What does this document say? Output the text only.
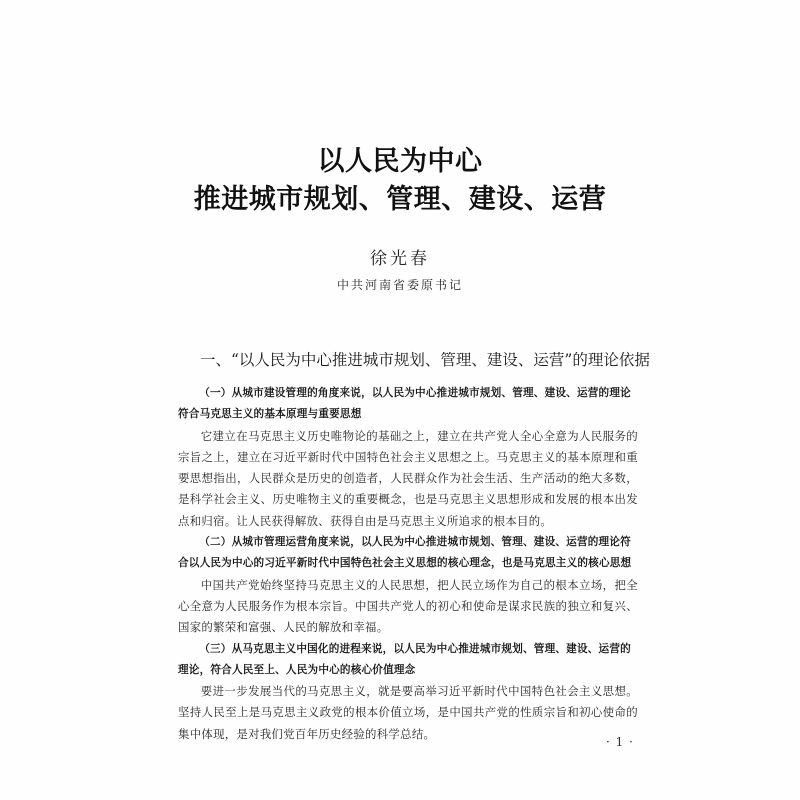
以人民为中心
推进城市规划、管理、建设、运营
徐光春
中共河南省委原书记
一、“以人民为中心推进城市规划、管理、建设、运营”的理论依据

（一）从城市建设管理的角度来说，以人民为中心推进城市规划、管理、建设、运营的理论符合马克思主义的基本原理与重要思想

它建立在马克思主义历史唯物论的基础之上，建立在共产党人全心全意为人民服务的宗旨之上，建立在习近平新时代中国特色社会主义思想之上。马克思主义的基本原理和重要思想指出，人民群众是历史的创造者，人民群众作为社会生活、生产活动的绝大多数，是科学社会主义、历史唯物主义的重要概念，也是马克思主义思想形成和发展的根本出发点和归宿。让人民获得解放、获得自由是马克思主义所追求的根本目的。

（二）从城市管理运营角度来说，以人民为中心推进城市规划、管理、建设、运营的理论符合以人民为中心的习近平新时代中国特色社会主义思想的核心理念，也是马克思主义的核心思想

中国共产党始终坚持马克思主义的人民思想，把人民立场作为自己的根本立场，把全心全意为人民服务作为根本宗旨。中国共产党人的初心和使命是谋求民族的独立和复兴、国家的繁荣和富强、人民的解放和幸福。

（三）从马克思主义中国化的进程来说，以人民为中心推进城市规划、管理、建设、运营的理论，符合人民至上、人民为中心的核心价值理念

要进一步发展当代的马克思主义，就是要高举习近平新时代中国特色社会主义思想。坚持人民至上是马克思主义政党的根本价值立场，是中国共产党的性质宗旨和初心使命的集中体现，是对我们党百年历史经验的科学总结。

· 1 ·
